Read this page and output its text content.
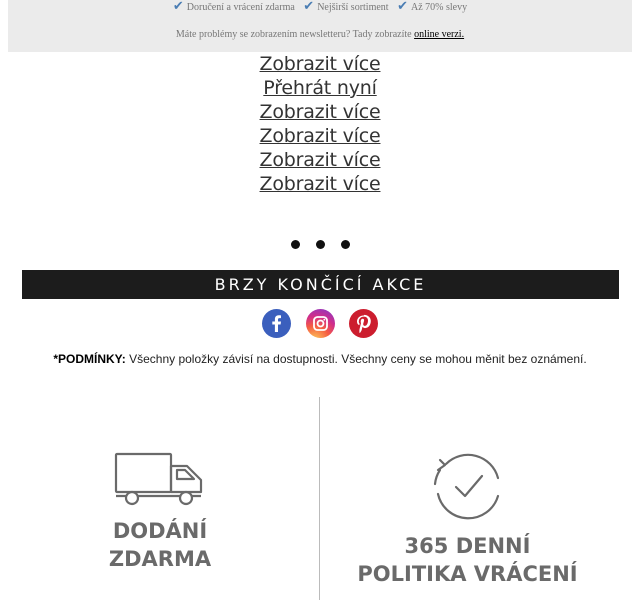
✔ Doručení a vrácení zdarma ✔ Nejširší sortiment ✔ Až 70% slevy
Máte problémy se zobrazením newsletteru? Tady zobrazíte online verzi.
Zobrazit více
Přehrát nyní
Zobrazit více
Zobrazit více
Zobrazit více
Zobrazit více
BRZY KONČÍCÍ AKCE

*PODMÍNKY: Všechny položky závisí na dostupnosti. Všechny ceny se mohou měnit bez oznámení.
DODÁNÍ
ZDARMA
365 DENNÍ
POLITIKA VRÁCENÍ
